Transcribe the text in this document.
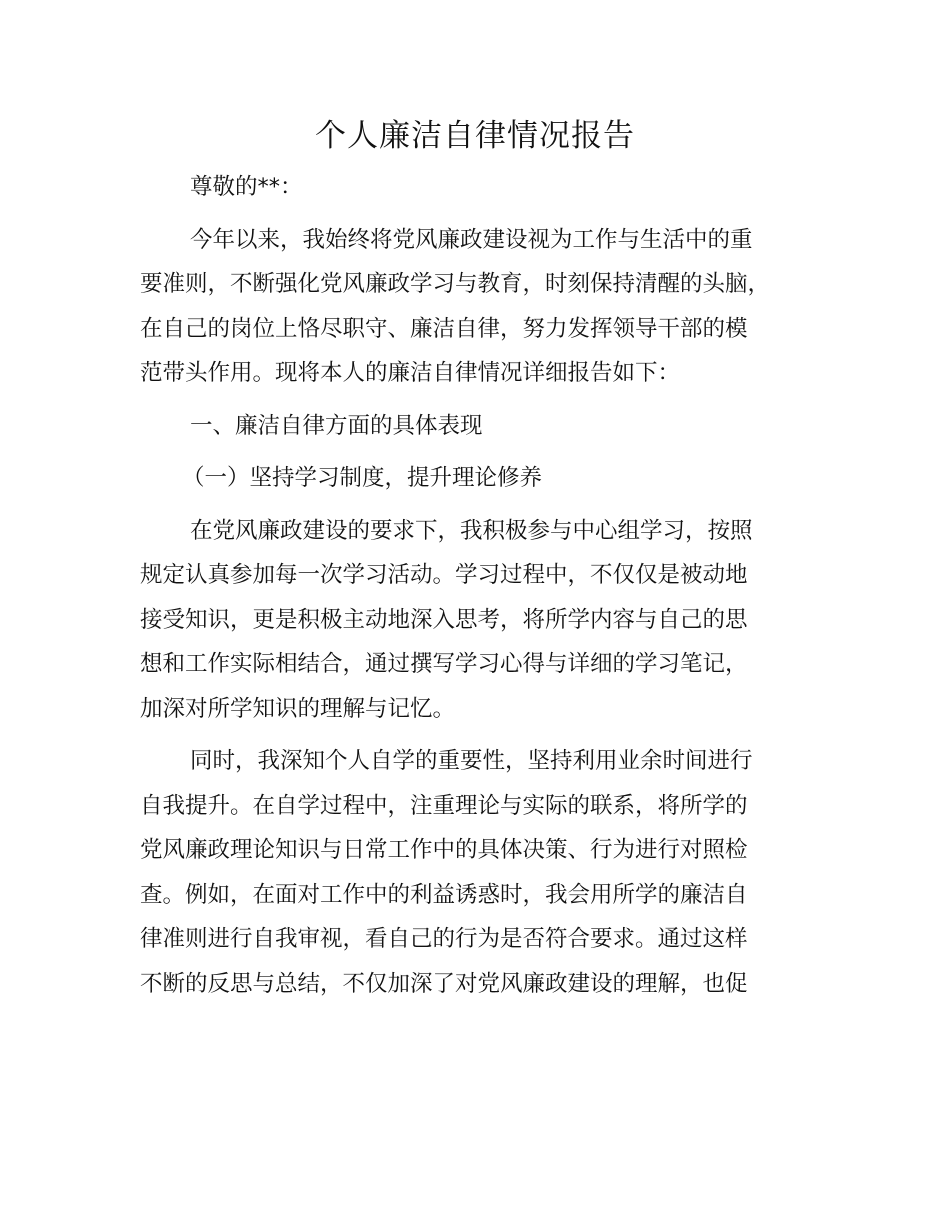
个人廉洁自律情况报告
尊敬的**：
今年以来，我始终将党风廉政建设视为工作与生活中的重
要准则，不断强化党风廉政学习与教育，时刻保持清醒的头脑，
在自己的岗位上恪尽职守、廉洁自律，努力发挥领导干部的模
范带头作用。现将本人的廉洁自律情况详细报告如下：
一、廉洁自律方面的具体表现
（一）坚持学习制度，提升理论修养
在党风廉政建设的要求下，我积极参与中心组学习，按照
规定认真参加每一次学习活动。学习过程中，不仅仅是被动地
接受知识，更是积极主动地深入思考，将所学内容与自己的思
想和工作实际相结合，通过撰写学习心得与详细的学习笔记，
加深对所学知识的理解与记忆。
同时，我深知个人自学的重要性，坚持利用业余时间进行
自我提升。在自学过程中，注重理论与实际的联系，将所学的
党风廉政理论知识与日常工作中的具体决策、行为进行对照检
查。例如，在面对工作中的利益诱惑时，我会用所学的廉洁自
律准则进行自我审视，看自己的行为是否符合要求。通过这样
不断的反思与总结，不仅加深了对党风廉政建设的理解，也促
